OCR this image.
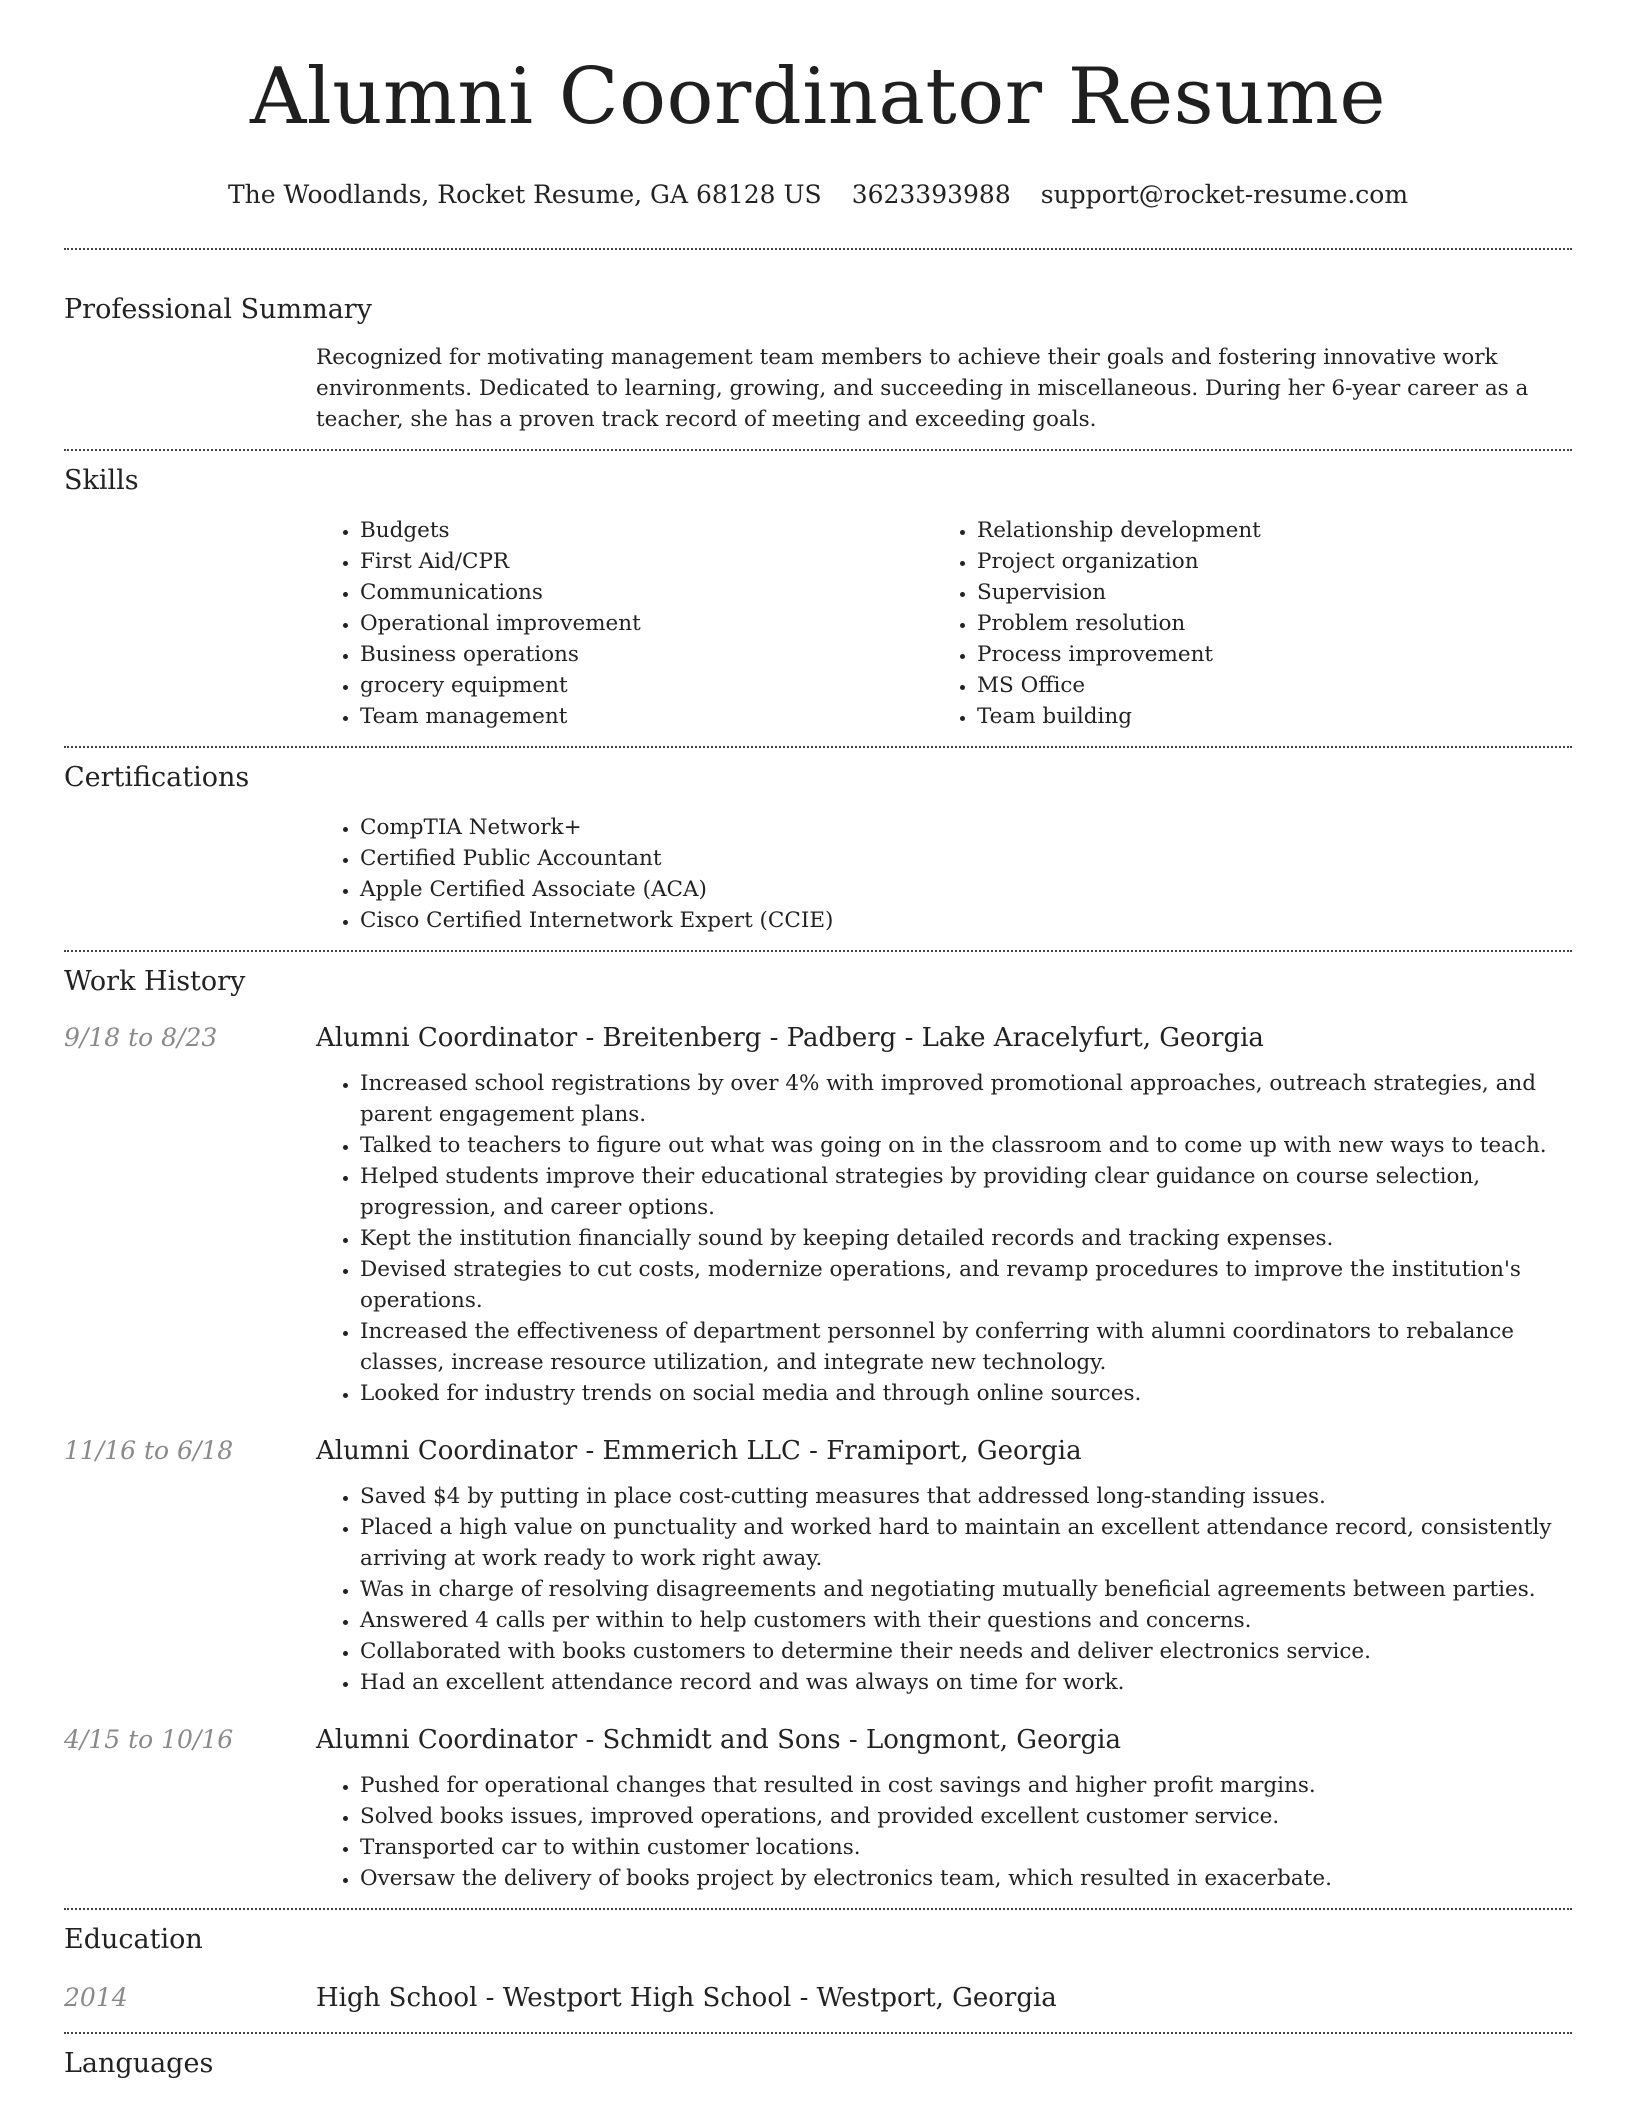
Alumni Coordinator Resume
The Woodlands, Rocket Resume, GA 68128 US 3623393988 support@rocket-resume.com
Professional Summary
Recognized for motivating management team members to achieve their goals and fostering innovative work environments. Dedicated to learning, growing, and succeeding in miscellaneous. During her 6-year career as a teacher, she has a proven track record of meeting and exceeding goals.
Skills
• Budgets
• First Aid/CPR
• Communications
• Operational improvement
• Business operations
• grocery equipment
• Team management
• Relationship development
• Project organization
• Supervision
• Problem resolution
• Process improvement
• MS Office
• Team building
Certifications
• CompTIA Network+
• Certified Public Accountant
• Apple Certified Associate (ACA)
• Cisco Certified Internetwork Expert (CCIE)
Work History
9/18 to 8/23	Alumni Coordinator - Breitenberg - Padberg - Lake Aracelyfurt, Georgia
• Increased school registrations by over 4% with improved promotional approaches, outreach strategies, and parent engagement plans.
• Talked to teachers to figure out what was going on in the classroom and to come up with new ways to teach.
• Helped students improve their educational strategies by providing clear guidance on course selection, progression, and career options.
• Kept the institution financially sound by keeping detailed records and tracking expenses.
• Devised strategies to cut costs, modernize operations, and revamp procedures to improve the institution's operations.
• Increased the effectiveness of department personnel by conferring with alumni coordinators to rebalance classes, increase resource utilization, and integrate new technology.
• Looked for industry trends on social media and through online sources.
11/16 to 6/18	Alumni Coordinator - Emmerich LLC - Framiport, Georgia
• Saved $4 by putting in place cost-cutting measures that addressed long-standing issues.
• Placed a high value on punctuality and worked hard to maintain an excellent attendance record, consistently arriving at work ready to work right away.
• Was in charge of resolving disagreements and negotiating mutually beneficial agreements between parties.
• Answered 4 calls per within to help customers with their questions and concerns.
• Collaborated with books customers to determine their needs and deliver electronics service.
• Had an excellent attendance record and was always on time for work.
4/15 to 10/16	Alumni Coordinator - Schmidt and Sons - Longmont, Georgia
• Pushed for operational changes that resulted in cost savings and higher profit margins.
• Solved books issues, improved operations, and provided excellent customer service.
• Transported car to within customer locations.
• Oversaw the delivery of books project by electronics team, which resulted in exacerbate.
Education
2014	High School - Westport High School - Westport, Georgia
Languages
